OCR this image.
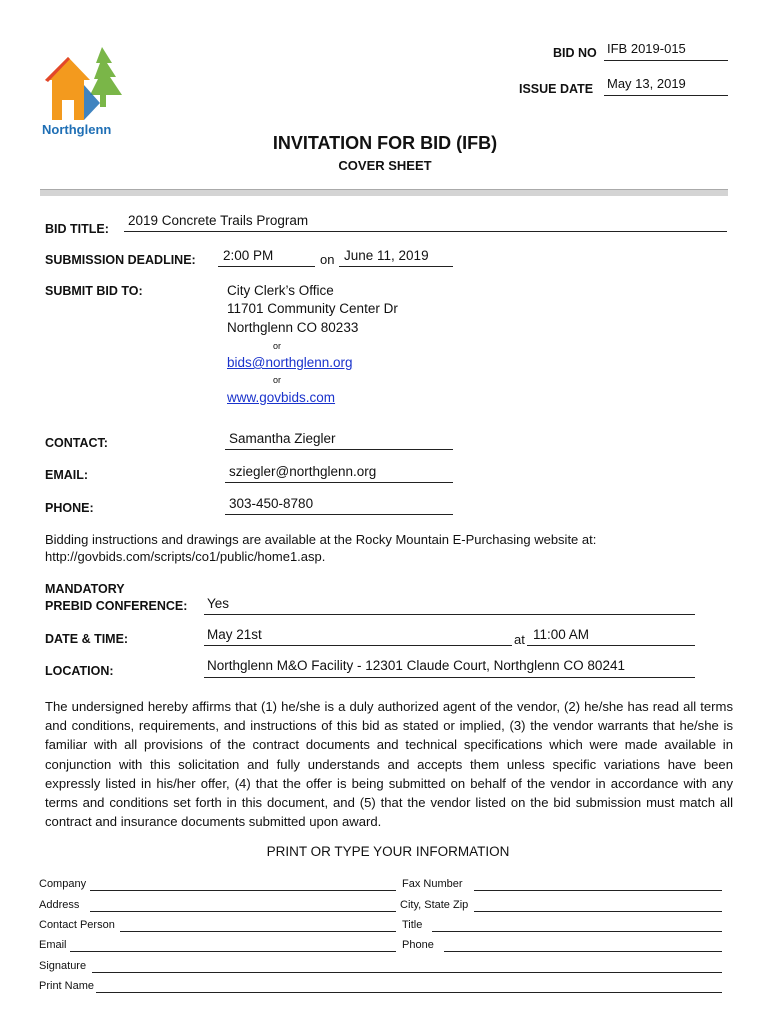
Northglenn
BID NO IFB 2019-015
ISSUE DATE May 13, 2019
INVITATION FOR BID (IFB)
COVER SHEET
BID TITLE:
2019 Concrete Trails Program
SUBMISSION DEADLINE: 2:00 PM	on June 11, 2019
SUBMIT BID TO:	City Clerk’s Office
11701 Community Center Dr
Northglenn CO 80233
or
bids@northglenn.org
or
www.govbids.com
CONTACT:	Samantha Ziegler
EMAIL:	sziegler@northglenn.org
PHONE:	303-450-8780
Bidding instructions and drawings are available at the Rocky Mountain E-Purchasing website at:
http://govbids.com/scripts/co1/public/home1.asp.
MANDATORY
PREBID CONFERENCE: Yes
DATE & TIME:	May 21st	at 11:00 AM
LOCATION:	Northglenn M&O Facility - 12301 Claude Court, Northglenn CO 80241
The undersigned hereby affirms that (1) he/she is a duly authorized agent of the vendor, (2) he/she has read all terms and conditions, requirements, and instructions of this bid as stated or implied, (3) the vendor warrants that he/she is familiar with all provisions of the contract documents and technical specifications which were made available in conjunction with this solicitation and fully understands and accepts them unless specific variations have been expressly listed in his/her offer, (4) that the offer is being submitted on behalf of the vendor in accordance with any terms and conditions set forth in this document, and (5) that the vendor listed on the bid submission must match all contract and insurance documents submitted upon award.
PRINT OR TYPE YOUR INFORMATION
Company	Fax Number
Address	City, State Zip
Contact Person	Title
Email	Phone
Signature
Print Name
